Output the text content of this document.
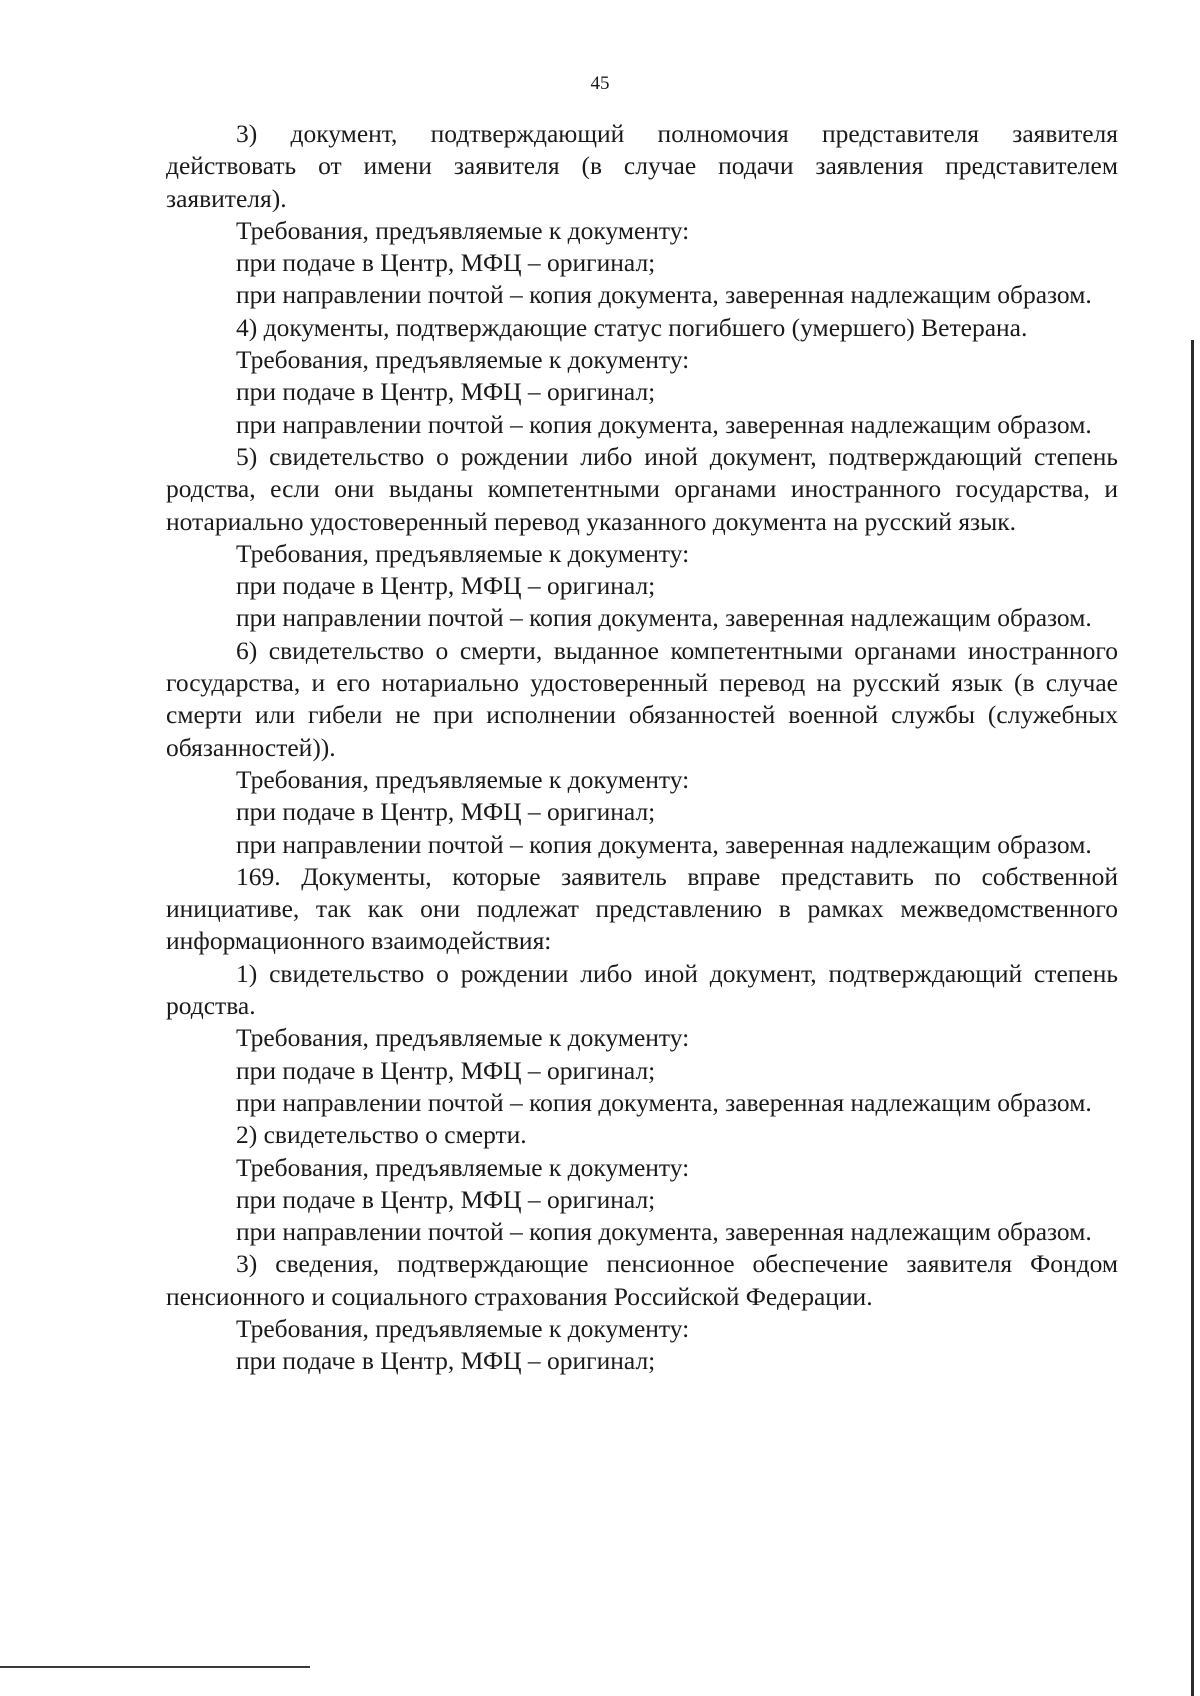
45

3) документ, подтверждающий полномочия представителя заявителя действовать от имени заявителя (в случае подачи заявления представителем заявителя).

Требования, предъявляемые к документу:

при подаче в Центр, МФЦ – оригинал;

при направлении почтой – копия документа, заверенная надлежащим образом.

4) документы, подтверждающие статус погибшего (умершего) Ветерана.

Требования, предъявляемые к документу:

при подаче в Центр, МФЦ – оригинал;

при направлении почтой – копия документа, заверенная надлежащим образом.

5) свидетельство о рождении либо иной документ, подтверждающий степень родства, если они выданы компетентными органами иностранного государства, и нотариально удостоверенный перевод указанного документа на русский язык.

Требования, предъявляемые к документу:

при подаче в Центр, МФЦ – оригинал;

при направлении почтой – копия документа, заверенная надлежащим образом.

6) свидетельство о смерти, выданное компетентными органами иностранного государства, и его нотариально удостоверенный перевод на русский язык (в случае смерти или гибели не при исполнении обязанностей военной службы (служебных обязанностей)).

Требования, предъявляемые к документу:

при подаче в Центр, МФЦ – оригинал;

при направлении почтой – копия документа, заверенная надлежащим образом.

169. Документы, которые заявитель вправе представить по собственной инициативе, так как они подлежат представлению в рамках межведомственного информационного взаимодействия:

1) свидетельство о рождении либо иной документ, подтверждающий степень родства.

Требования, предъявляемые к документу:

при подаче в Центр, МФЦ – оригинал;

при направлении почтой – копия документа, заверенная надлежащим образом.

2) свидетельство о смерти.

Требования, предъявляемые к документу:

при подаче в Центр, МФЦ – оригинал;

при направлении почтой – копия документа, заверенная надлежащим образом.

3) сведения, подтверждающие пенсионное обеспечение заявителя Фондом пенсионного и социального страхования Российской Федерации.

Требования, предъявляемые к документу:

при подаче в Центр, МФЦ – оригинал;
